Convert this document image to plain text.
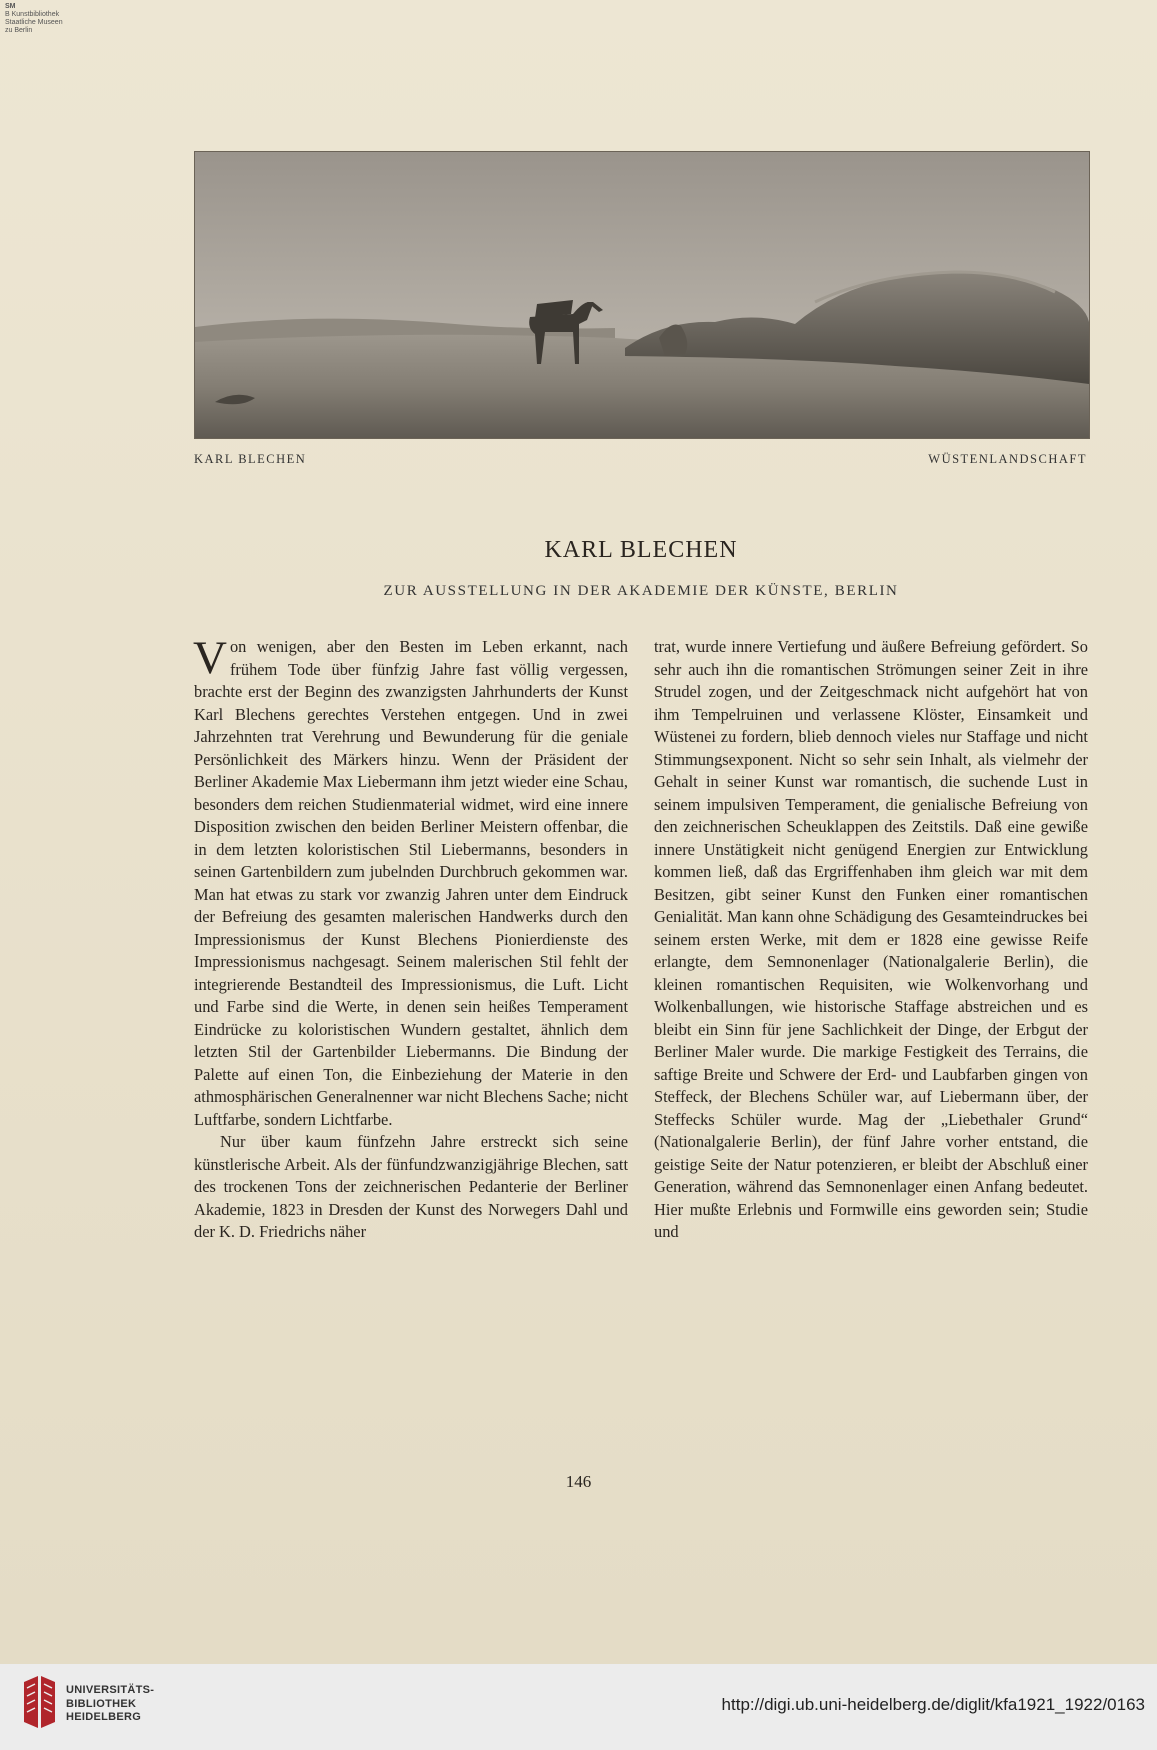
SM
B Kunstbibliothek
Staatliche Museen
zu Berlin
KARL BLECHEN	WÜSTENLANDSCHAFT
KARL BLECHEN
ZUR AUSSTELLUNG IN DER AKADEMIE DER KÜNSTE, BERLIN

Von wenigen, aber den Besten im Leben erkannt, nach frühem Tode über fünfzig Jahre fast völlig vergessen, brachte erst der Beginn des zwanzigsten Jahrhunderts der Kunst Karl Blechens gerechtes Verstehen entgegen. Und in zwei Jahrzehnten trat Verehrung und Bewunderung für die geniale Persönlichkeit des Märkers hinzu. Wenn der Präsident der Berliner Akademie Max Liebermann ihm jetzt wieder eine Schau, besonders dem reichen Studienmaterial widmet, wird eine innere Disposition zwischen den beiden Berliner Meistern offenbar, die in dem letzten koloristischen Stil Liebermanns, besonders in seinen Gartenbildern zum jubelnden Durchbruch gekommen war. Man hat etwas zu stark vor zwanzig Jahren unter dem Eindruck der Befreiung des gesamten malerischen Handwerks durch den Impressionismus der Kunst Blechens Pionierdienste des Impressionismus nachgesagt. Seinem malerischen Stil fehlt der integrierende Bestandteil des Impressionismus, die Luft. Licht und Farbe sind die Werte, in denen sein heißes Temperament Eindrücke zu koloristischen Wundern gestaltet, ähnlich dem letzten Stil der Gartenbilder Liebermanns. Die Bindung der Palette auf einen Ton, die Einbeziehung der Materie in den athmosphärischen Generalnenner war nicht Blechens Sache; nicht Luftfarbe, sondern Lichtfarbe.

Nur über kaum fünfzehn Jahre erstreckt sich seine künstlerische Arbeit. Als der fünfundzwanzigjährige Blechen, satt des trockenen Tons der zeichnerischen Pedanterie der Berliner Akademie, 1823 in Dresden der Kunst des Norwegers Dahl und der K. D. Friedrichs näher

trat, wurde innere Vertiefung und äußere Befreiung gefördert. So sehr auch ihn die romantischen Strömungen seiner Zeit in ihre Strudel zogen, und der Zeitgeschmack nicht aufgehört hat von ihm Tempelruinen und verlassene Klöster, Einsamkeit und Wüstenei zu fordern, blieb dennoch vieles nur Staffage und nicht Stimmungsexponent. Nicht so sehr sein Inhalt, als vielmehr der Gehalt in seiner Kunst war romantisch, die suchende Lust in seinem impulsiven Temperament, die genialische Befreiung von den zeichnerischen Scheuklappen des Zeitstils. Daß eine gewiße innere Unstätigkeit nicht genügend Energien zur Entwicklung kommen ließ, daß das Ergriffenhaben ihm gleich war mit dem Besitzen, gibt seiner Kunst den Funken einer romantischen Genialität. Man kann ohne Schädigung des Gesamteindruckes bei seinem ersten Werke, mit dem er 1828 eine gewisse Reife erlangte, dem Semnonenlager (Nationalgalerie Berlin), die kleinen romantischen Requisiten, wie Wolkenvorhang und Wolkenballungen, wie historische Staffage abstreichen und es bleibt ein Sinn für jene Sachlichkeit der Dinge, der Erbgut der Berliner Maler wurde. Die markige Festigkeit des Terrains, die saftige Breite und Schwere der Erd- und Laubfarben gingen von Steffeck, der Blechens Schüler war, auf Liebermann über, der Steffecks Schüler wurde. Mag der „Liebethaler Grund“ (Nationalgalerie Berlin), der fünf Jahre vorher entstand, die geistige Seite der Natur potenzieren, er bleibt der Abschluß einer Generation, während das Semnonenlager einen Anfang bedeutet. Hier mußte Erlebnis und Formwille eins geworden sein; Studie und

146
UNIVERSITÄTS-
BIBLIOTHEK
HEIDELBERG
http://digi.ub.uni-heidelberg.de/diglit/kfa1921_1922/0163
